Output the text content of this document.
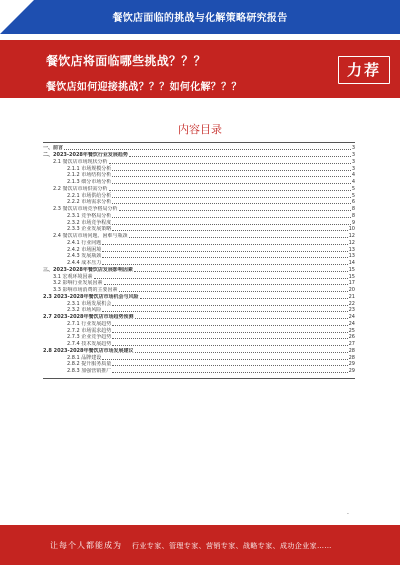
餐饮店面临的挑战与化解策略研究报告
餐饮店将面临哪些挑战？？？
餐饮店如何迎接挑战？？？如何化解？？？
力荐
内容目录
一、前言	3
二、2023-2028年餐饮行业发展趋势	3
2.1 餐饮店市场现状分析	3
2.1.1 市场规模分析	3
2.1.2 市场结构分析	4
2.1.3 细分市场分析	4
2.2 餐饮店市场供需分析	5
2.2.1 市场供给分析	5
2.2.2 市场需求分析	6
2.3 餐饮店市场竞争格局分析	8
2.3.1 竞争格局分析	8
2.3.2 市场竞争程度	9
2.3.3 企业发展策略	10
2.4 餐饮店市场问题、困难与瓶颈	12
2.4.1 行业问题	12
2.4.2 市场困境	13
2.4.3 发展瓶颈	13
2.4.4 成本压力	14
三、2023-2028年餐饮店发展影响因素	15
3.1 宏观环境因素	15
3.2 影响行业发展因素	17
3.3 影响市场消费的主要因素	20
2.3 2023-2028年餐饮店市场机会与风险	21
2.3.1 市场发展机会	22
2.3.2 市场风险	23
2.7 2023-2028年餐饮店市场趋势预测	24
2.7.1 行业发展趋势	24
2.7.2 市场需求趋势	25
2.7.3 企业竞争趋势	26
2.7.4 技术发展趋势	27
2.8 2023-2028年餐饮店市场发展建议	28
2.8.1 品牌建设	28
2.8.2 提升服务质量	29
2.8.3 加强营销推广	29
-
让每个人都能成为 行业专家、管理专家、营销专家、战略专家、成功企业家……
